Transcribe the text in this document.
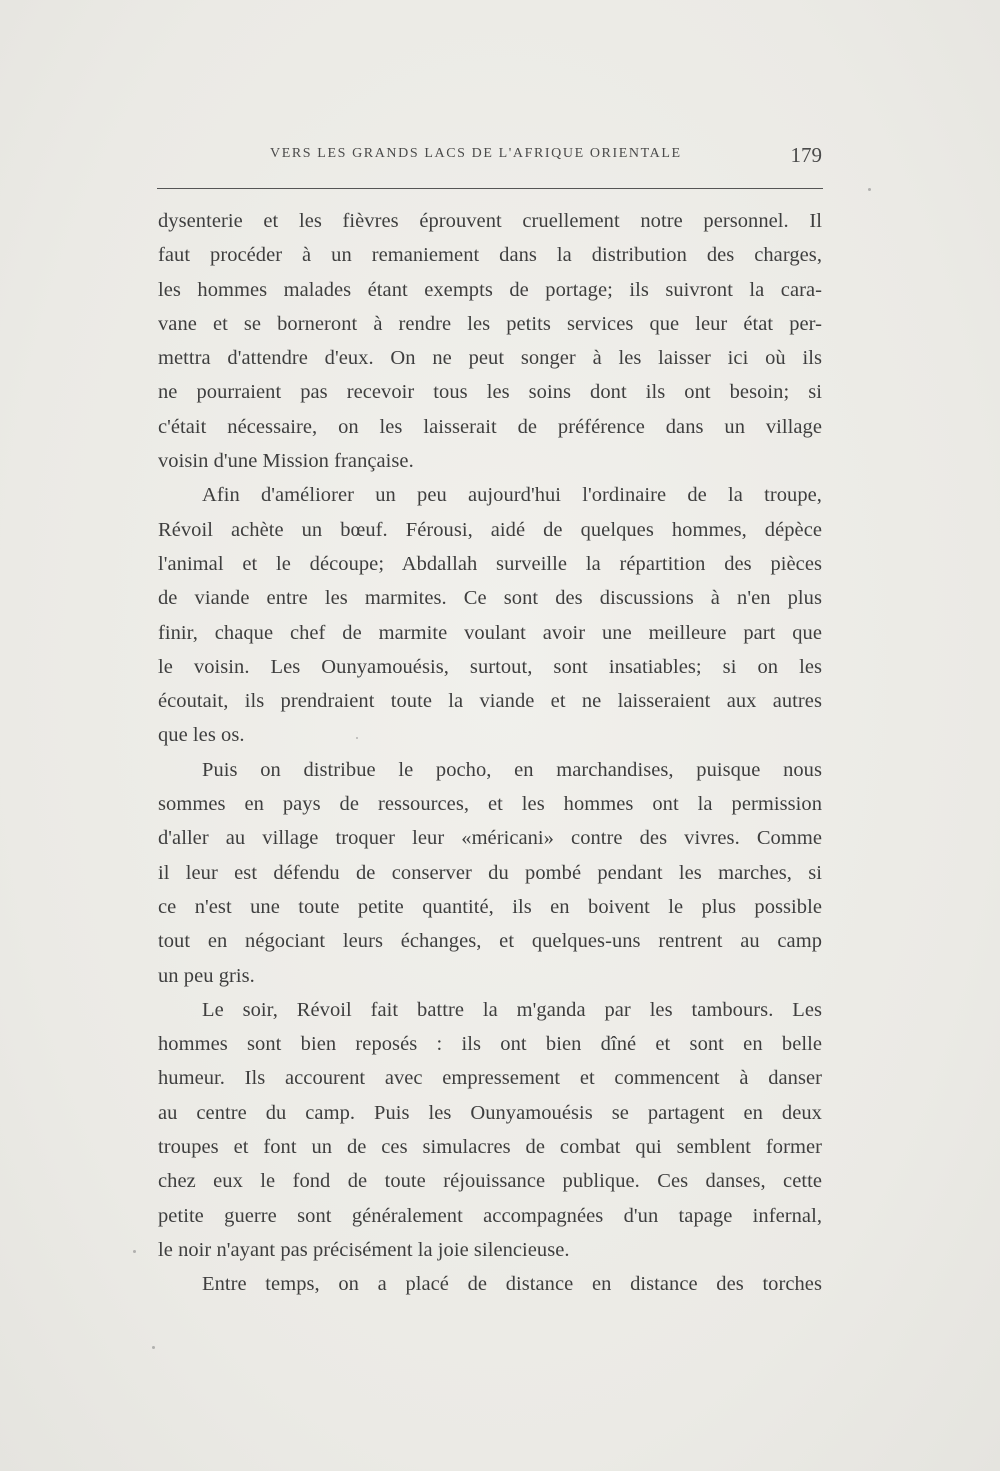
VERS LES GRANDS LACS DE L'AFRIQUE ORIENTALE	179
dysenterie et les fièvres éprouvent cruellement notre personnel. Il
faut procéder à un remaniement dans la distribution des charges,
les hommes malades étant exempts de portage; ils suivront la cara-
vane et se borneront à rendre les petits services que leur état per-
mettra d'attendre d'eux. On ne peut songer à les laisser ici où ils
ne pourraient pas recevoir tous les soins dont ils ont besoin; si
c'était nécessaire, on les laisserait de préférence dans un village
voisin d'une Mission française.
Afin d'améliorer un peu aujourd'hui l'ordinaire de la troupe,
Révoil achète un bœuf. Férousi, aidé de quelques hommes, dépèce
l'animal et le découpe; Abdallah surveille la répartition des pièces
de viande entre les marmites. Ce sont des discussions à n'en plus
finir, chaque chef de marmite voulant avoir une meilleure part que
le voisin. Les Ounyamouésis, surtout, sont insatiables; si on les
écoutait, ils prendraient toute la viande et ne laisseraient aux autres
que les os.
Puis on distribue le pocho, en marchandises, puisque nous
sommes en pays de ressources, et les hommes ont la permission
d'aller au village troquer leur «méricani» contre des vivres. Comme
il leur est défendu de conserver du pombé pendant les marches, si
ce n'est une toute petite quantité, ils en boivent le plus possible
tout en négociant leurs échanges, et quelques-uns rentrent au camp
un peu gris.
Le soir, Révoil fait battre la m'ganda par les tambours. Les
hommes sont bien reposés : ils ont bien dîné et sont en belle
humeur. Ils accourent avec empressement et commencent à danser
au centre du camp. Puis les Ounyamouésis se partagent en deux
troupes et font un de ces simulacres de combat qui semblent former
chez eux le fond de toute réjouissance publique. Ces danses, cette
petite guerre sont généralement accompagnées d'un tapage infernal,
le noir n'ayant pas précisément la joie silencieuse.
Entre temps, on a placé de distance en distance des torches
